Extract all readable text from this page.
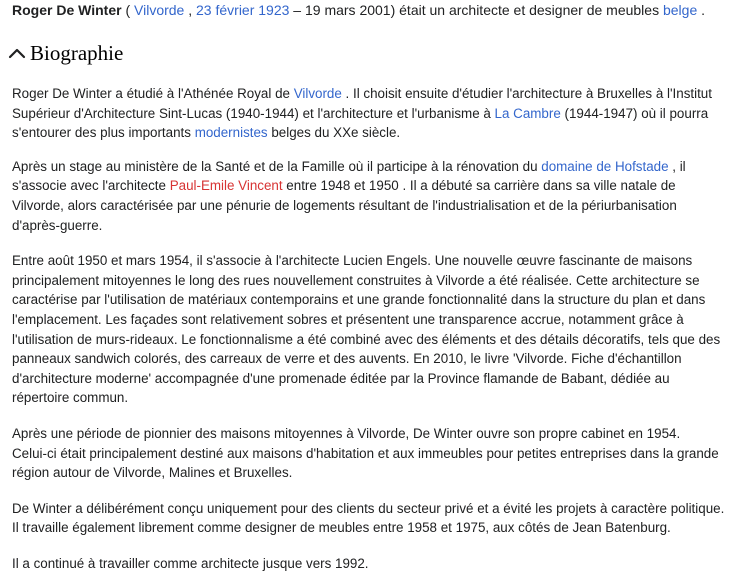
Roger De Winter ( Vilvorde , 23 février 1923 – 19 mars 2001) était un architecte et designer de meubles belge .
Biographie

Roger De Winter a étudié à l'Athénée Royal de Vilvorde . Il choisit ensuite d'étudier l'architecture à Bruxelles à l'Institut Supérieur d'Architecture Sint-Lucas (1940-1944) et l'architecture et l'urbanisme à La Cambre (1944-1947) où il pourra s'entourer des plus importants modernistes belges du XXe siècle.

Après un stage au ministère de la Santé et de la Famille où il participe à la rénovation du domaine de Hofstade , il s'associe avec l'architecte Paul-Emile Vincent entre 1948 et 1950 . Il a débuté sa carrière dans sa ville natale de Vilvorde, alors caractérisée par une pénurie de logements résultant de l'industrialisation et de la périurbanisation d'après-guerre.

Entre août 1950 et mars 1954, il s'associe à l'architecte Lucien Engels. Une nouvelle œuvre fascinante de maisons principalement mitoyennes le long des rues nouvellement construites à Vilvorde a été réalisée. Cette architecture se caractérise par l'utilisation de matériaux contemporains et une grande fonctionnalité dans la structure du plan et dans l'emplacement. Les façades sont relativement sobres et présentent une transparence accrue, notamment grâce à l'utilisation de murs-rideaux. Le fonctionnalisme a été combiné avec des éléments et des détails décoratifs, tels que des panneaux sandwich colorés, des carreaux de verre et des auvents. En 2010, le livre 'Vilvorde. Fiche d'échantillon d'architecture moderne' accompagnée d'une promenade éditée par la Province flamande de Babant, dédiée au répertoire commun.

Après une période de pionnier des maisons mitoyennes à Vilvorde, De Winter ouvre son propre cabinet en 1954.
Celui-ci était principalement destiné aux maisons d'habitation et aux immeubles pour petites entreprises dans la grande région autour de Vilvorde, Malines et Bruxelles.

De Winter a délibérément conçu uniquement pour des clients du secteur privé et a évité les projets à caractère politique. Il travaille également librement comme designer de meubles entre 1958 et 1975, aux côtés de Jean Batenburg.

Il a continué à travailler comme architecte jusque vers 1992.
